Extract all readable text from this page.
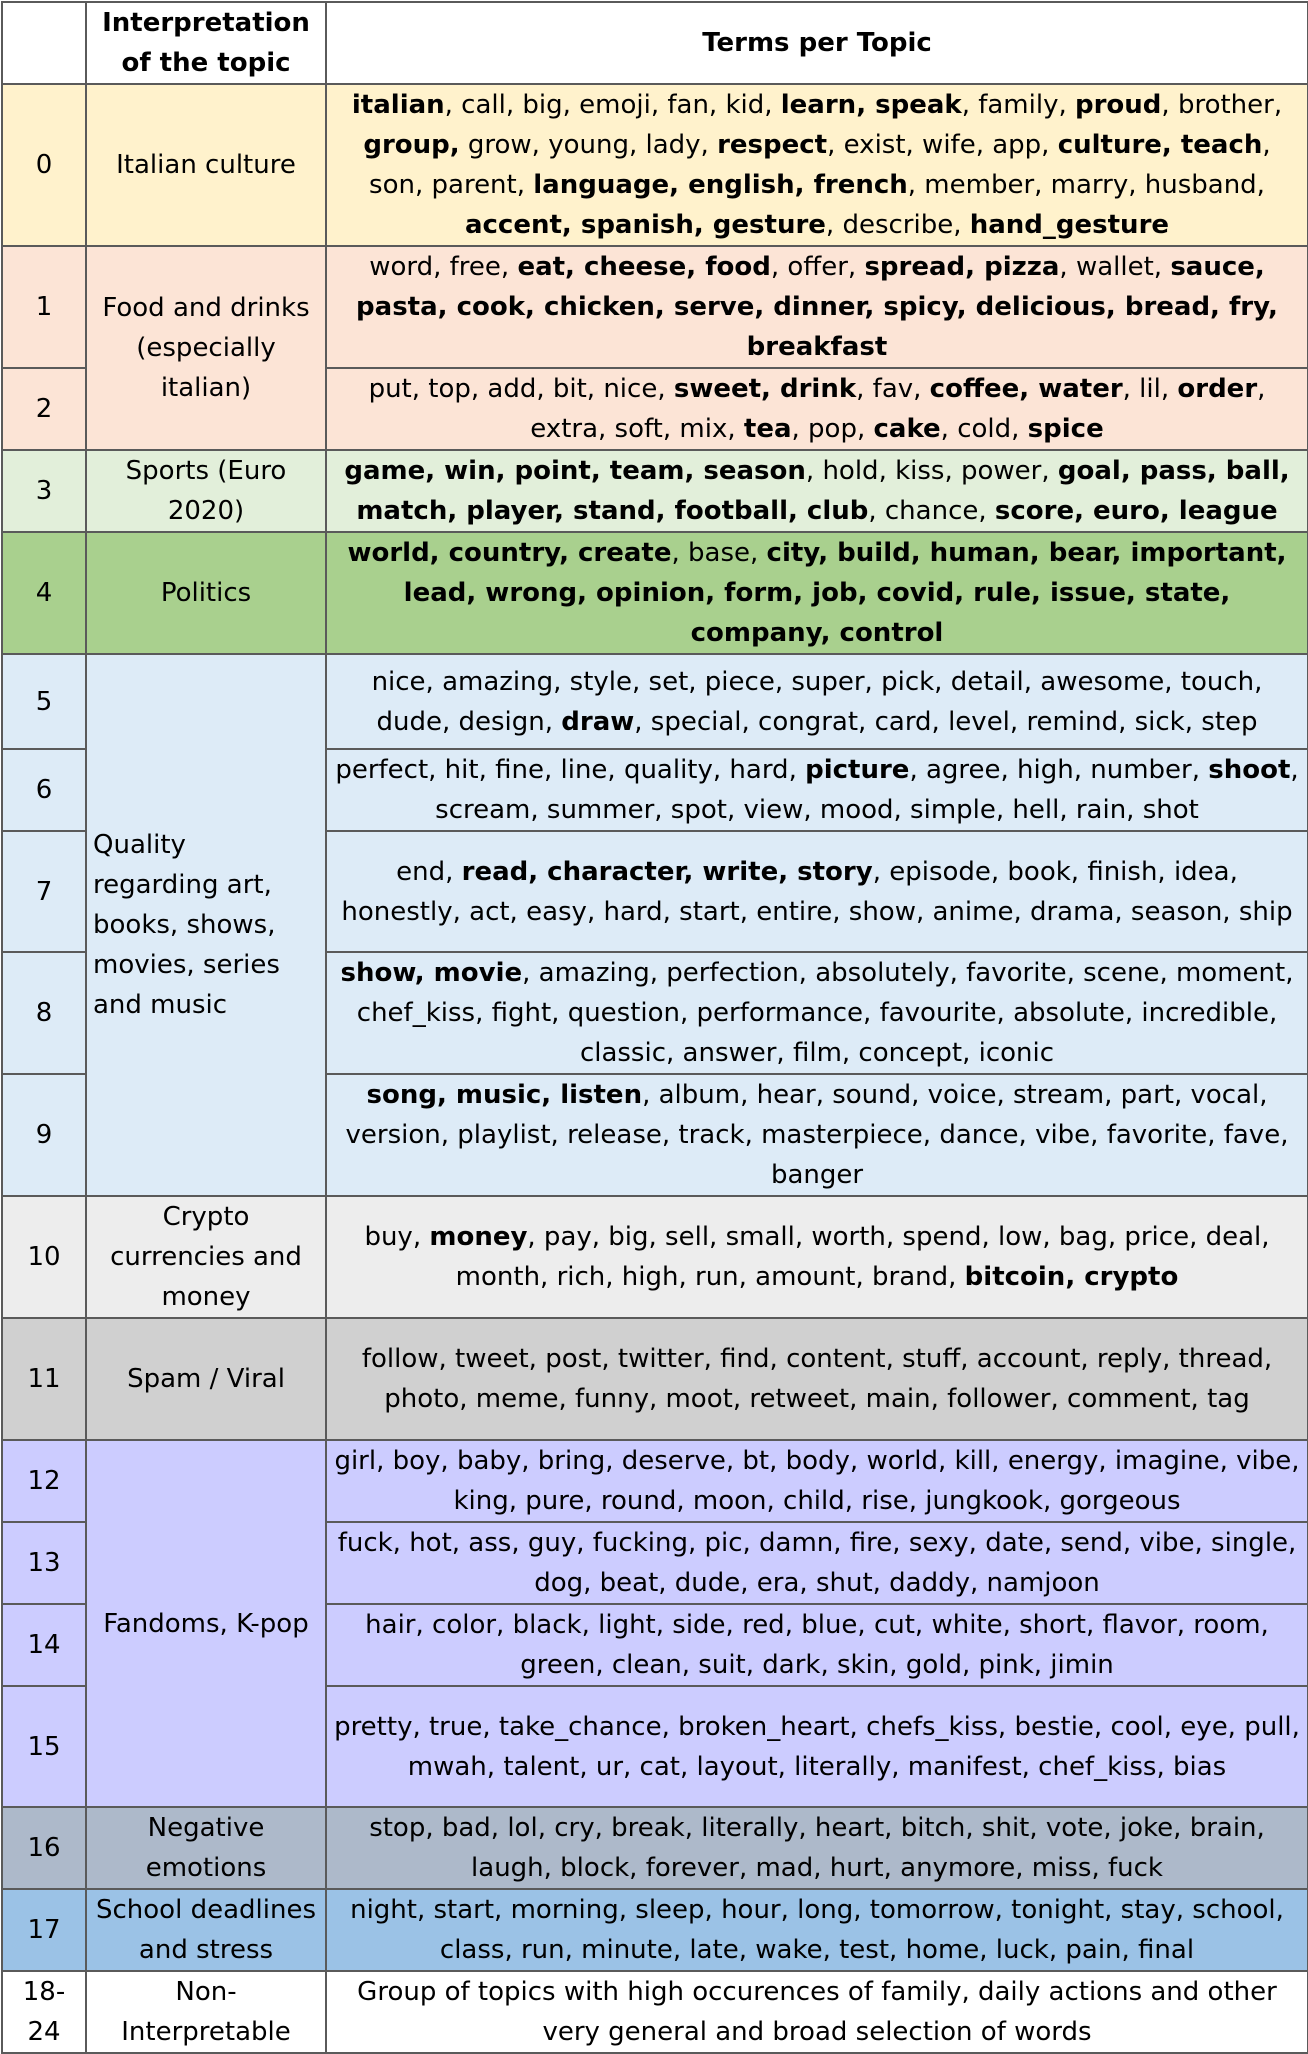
	Interpretation of the topic	Terms per Topic
0	Italian culture	italian, call, big, emoji, fan, kid, learn, speak, family, proud, brother, group, grow, young, lady, respect, exist, wife, app, culture, teach, son, parent, language, english, french, member, marry, husband, accent, spanish, gesture, describe, hand_gesture
1	Food and drinks (especially italian)	word, free, eat, cheese, food, offer, spread, pizza, wallet, sauce, pasta, cook, chicken, serve, dinner, spicy, delicious, bread, fry, breakfast
2		put, top, add, bit, nice, sweet, drink, fav, coffee, water, lil, order, extra, soft, mix, tea, pop, cake, cold, spice
3	Sports (Euro 2020)	game, win, point, team, season, hold, kiss, power, goal, pass, ball, match, player, stand, football, club, chance, score, euro, league
4	Politics	world, country, create, base, city, build, human, bear, important, lead, wrong, opinion, form, job, covid, rule, issue, state, company, control
5	Quality regarding art, books, shows, movies, series and music	nice, amazing, style, set, piece, super, pick, detail, awesome, touch, dude, design, draw, special, congrat, card, level, remind, sick, step
6		perfect, hit, fine, line, quality, hard, picture, agree, high, number, shoot, scream, summer, spot, view, mood, simple, hell, rain, shot
7		end, read, character, write, story, episode, book, finish, idea, honestly, act, easy, hard, start, entire, show, anime, drama, season, ship
8		show, movie, amazing, perfection, absolutely, favorite, scene, moment, chef_kiss, fight, question, performance, favourite, absolute, incredible, classic, answer, film, concept, iconic
9		song, music, listen, album, hear, sound, voice, stream, part, vocal, version, playlist, release, track, masterpiece, dance, vibe, favorite, fave, banger
10	Crypto currencies and money	buy, money, pay, big, sell, small, worth, spend, low, bag, price, deal, month, rich, high, run, amount, brand, bitcoin, crypto
11	Spam / Viral	follow, tweet, post, twitter, find, content, stuff, account, reply, thread, photo, meme, funny, moot, retweet, main, follower, comment, tag
12	Fandoms, K-pop	girl, boy, baby, bring, deserve, bt, body, world, kill, energy, imagine, vibe, king, pure, round, moon, child, rise, jungkook, gorgeous
13		fuck, hot, ass, guy, fucking, pic, damn, fire, sexy, date, send, vibe, single, dog, beat, dude, era, shut, daddy, namjoon
14		hair, color, black, light, side, red, blue, cut, white, short, flavor, room, green, clean, suit, dark, skin, gold, pink, jimin
15		pretty, true, take_chance, broken_heart, chefs_kiss, bestie, cool, eye, pull, mwah, talent, ur, cat, layout, literally, manifest, chef_kiss, bias
16	Negative emotions	stop, bad, lol, cry, break, literally, heart, bitch, shit, vote, joke, brain, laugh, block, forever, mad, hurt, anymore, miss, fuck
17	School deadlines and stress	night, start, morning, sleep, hour, long, tomorrow, tonight, stay, school, class, run, minute, late, wake, test, home, luck, pain, final
18-24	Non-Interpretable	Group of topics with high occurences of family, daily actions and other very general and broad selection of words
